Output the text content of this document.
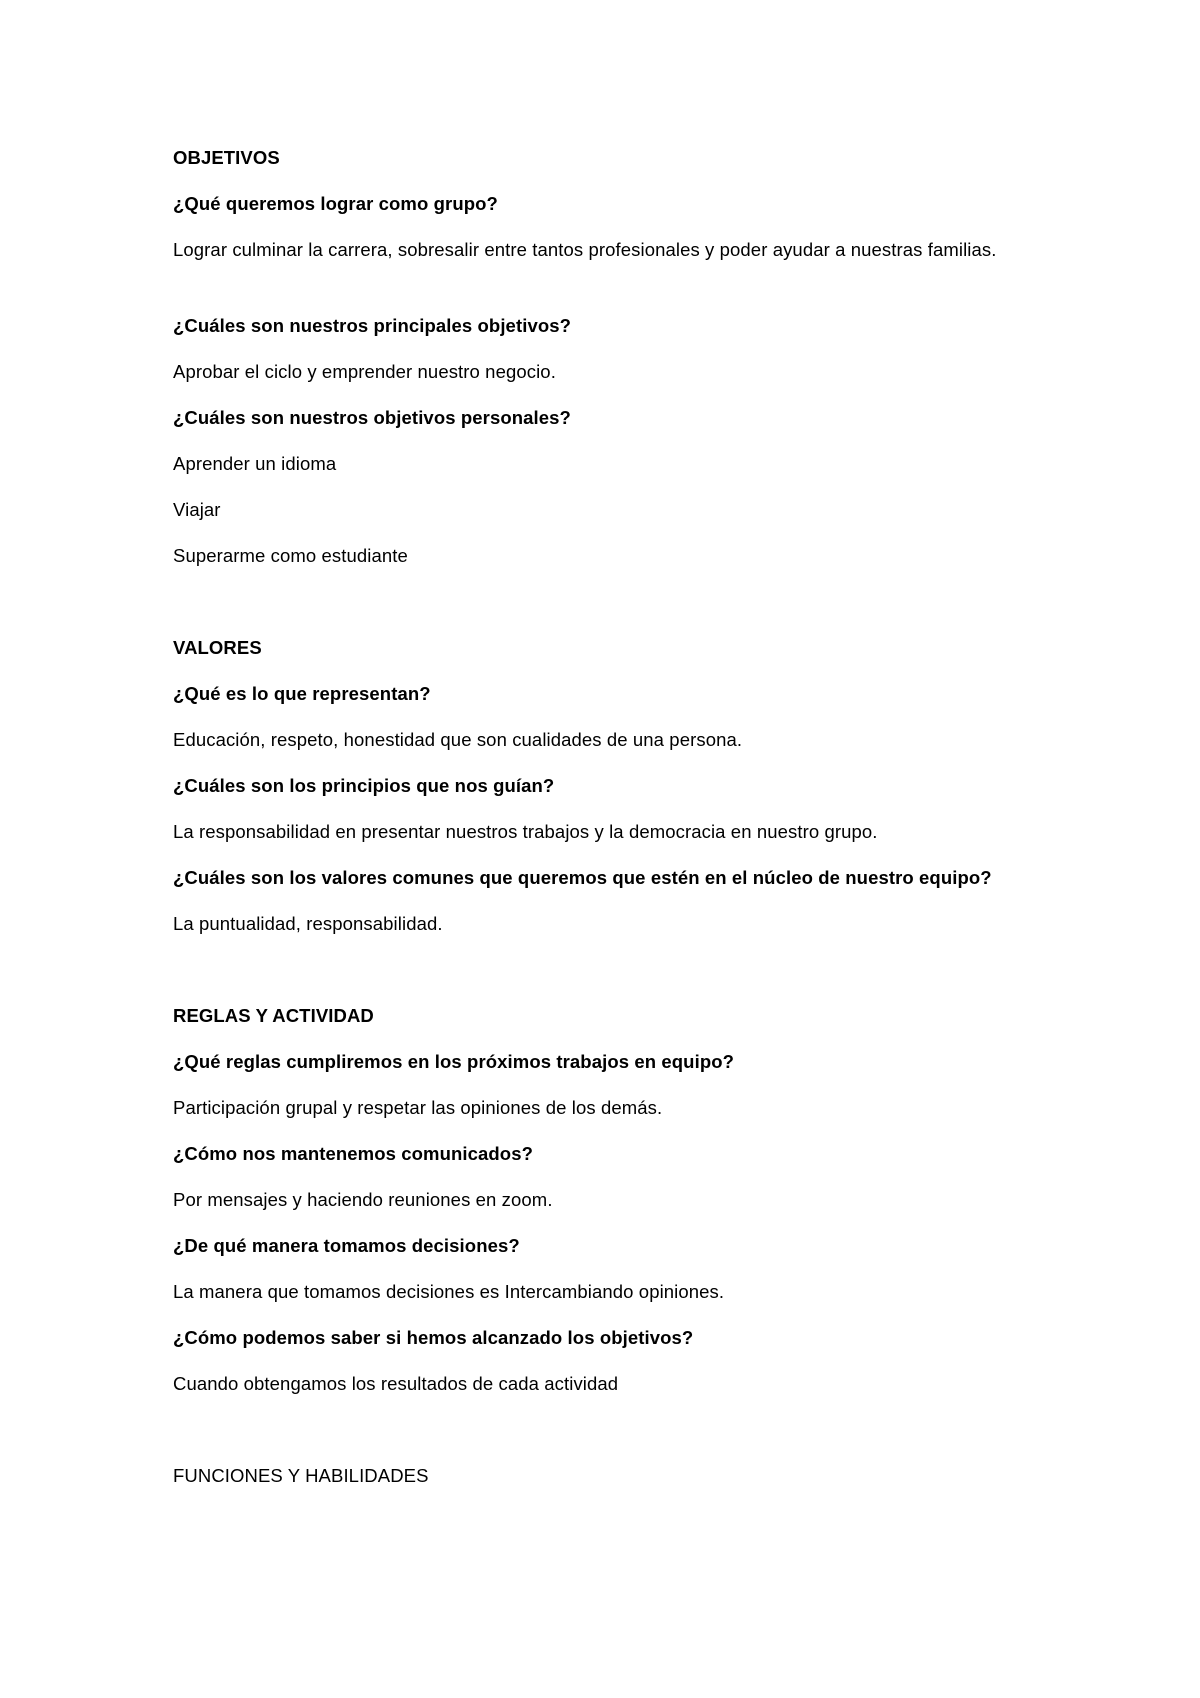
OBJETIVOS
¿Qué queremos lograr como grupo?
Lograr culminar la carrera, sobresalir entre tantos profesionales y poder ayudar a nuestras familias.
¿Cuáles son nuestros principales objetivos?
Aprobar el ciclo y emprender nuestro negocio.
¿Cuáles son nuestros objetivos personales?
Aprender un idioma
Viajar
Superarme como estudiante
VALORES
¿Qué es lo que representan?
Educación, respeto, honestidad que son cualidades de una persona.
¿Cuáles son los principios que nos guían?
La responsabilidad en presentar nuestros trabajos y la democracia en nuestro grupo.
¿Cuáles son los valores comunes que queremos que estén en el núcleo de nuestro equipo?
La puntualidad, responsabilidad.
REGLAS Y ACTIVIDAD
¿Qué reglas cumpliremos en los próximos trabajos en equipo?
Participación grupal y respetar las opiniones de los demás.
¿Cómo nos mantenemos comunicados?
Por mensajes y haciendo reuniones en zoom.
¿De qué manera tomamos decisiones?
La manera que tomamos decisiones es Intercambiando opiniones.
¿Cómo podemos saber si hemos alcanzado los objetivos?
Cuando obtengamos los resultados de cada actividad
FUNCIONES Y HABILIDADES
